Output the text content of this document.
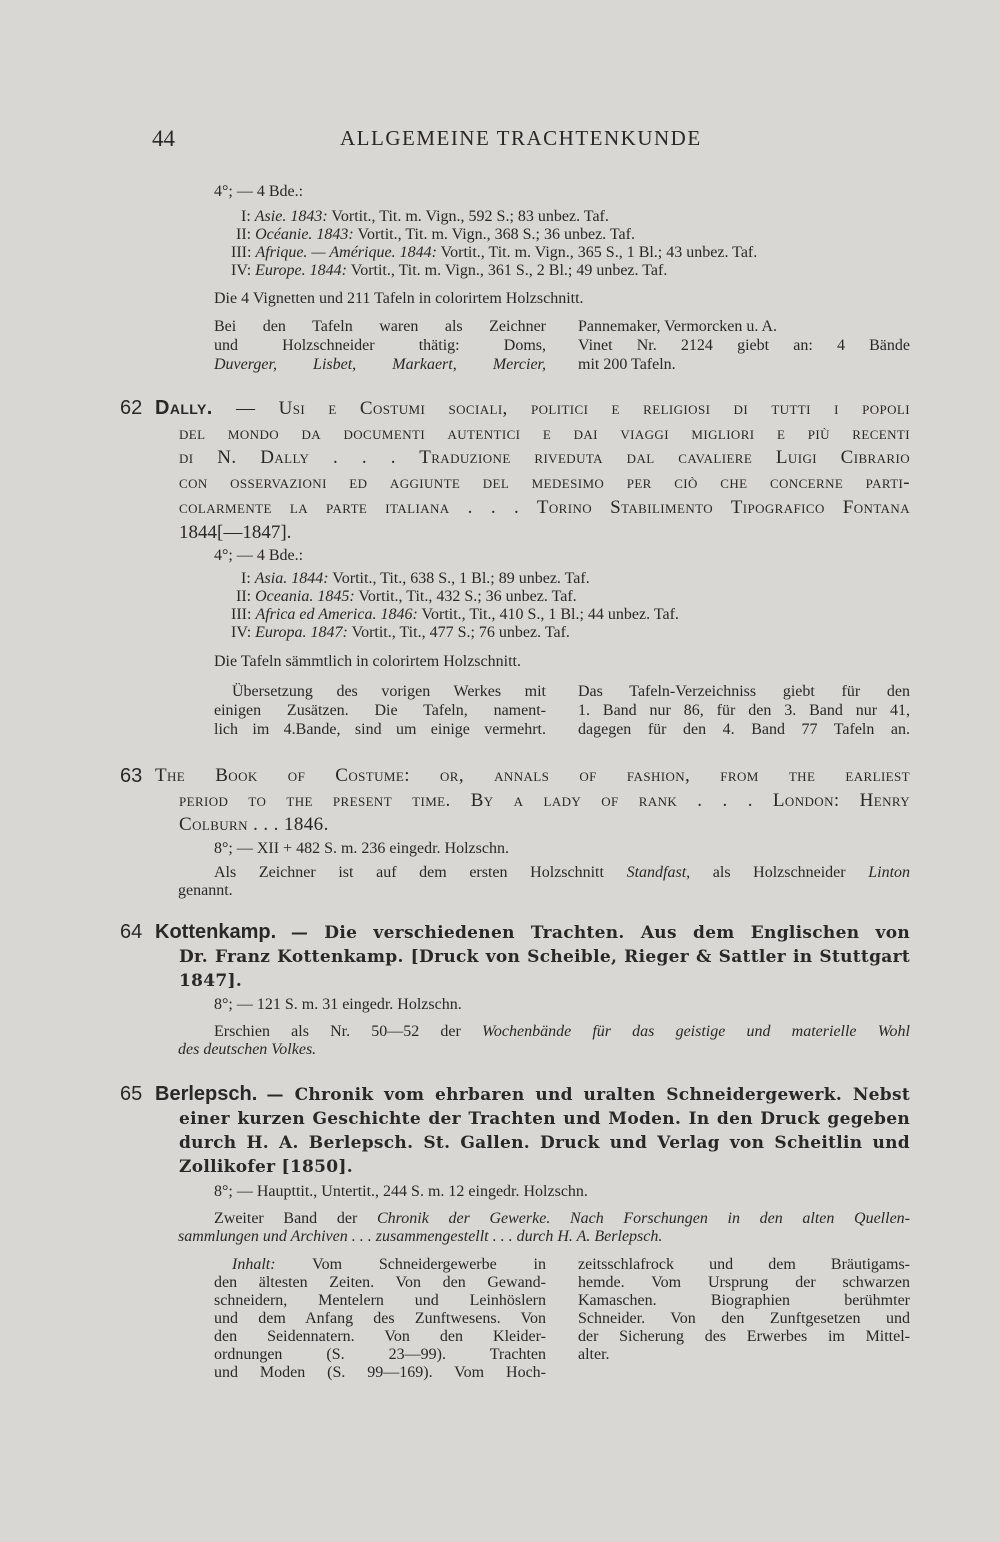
44	ALLGEMEINE TRACHTENKUNDE
4°; — 4 Bde.:
I: Asie. 1843: Vortit., Tit. m. Vign., 592 S.; 83 unbez. Taf.
II: Océanie. 1843: Vortit., Tit. m. Vign., 368 S.; 36 unbez. Taf.
III: Afrique. — Amérique. 1844: Vortit., Tit. m. Vign., 365 S., 1 Bl.; 43 unbez. Taf.
IV: Europe. 1844: Vortit., Tit. m. Vign., 361 S., 2 Bl.; 49 unbez. Taf.
Die 4 Vignetten und 211 Tafeln in colorirtem Holzschnitt.
Bei den Tafeln waren als Zeichner
und Holzschneider thätig: Doms,
Duverger, Lisbet, Markaert, Mercier,
Pannemaker, Vermorcken u. A.
Vinet Nr. 2124 giebt an: 4 Bände
mit 200 Tafeln.
62 Dally. — Usi e Costumi sociali, politici e religiosi di tutti i popoli
del mondo da documenti autentici e dai viaggi migliori e più recenti
di N. Dally . . . Traduzione riveduta dal cavaliere Luigi Cibrario
con osservazioni ed aggiunte del medesimo per ciò che concerne parti-
colarmente la parte italiana . . . Torino Stabilimento Tipografico Fontana
1844[—1847].
4°; — 4 Bde.:
I: Asia. 1844: Vortit., Tit., 638 S., 1 Bl.; 89 unbez. Taf.
II: Oceania. 1845: Vortit., Tit., 432 S.; 36 unbez. Taf.
III: Africa ed America. 1846: Vortit., Tit., 410 S., 1 Bl.; 44 unbez. Taf.
IV: Europa. 1847: Vortit., Tit., 477 S.; 76 unbez. Taf.
Die Tafeln sämmtlich in colorirtem Holzschnitt.
Übersetzung des vorigen Werkes mit
einigen Zusätzen. Die Tafeln, nament-
lich im 4.Bande, sind um einige vermehrt.
Das Tafeln-Verzeichniss giebt für den
1. Band nur 86, für den 3. Band nur 41,
dagegen für den 4. Band 77 Tafeln an.
63 The Book of Costume: or, annals of fashion, from the earliest
period to the present time. By a lady of rank . . . London: Henry
Colburn . . . 1846.
8°; — XII + 482 S. m. 236 eingedr. Holzschn.
Als Zeichner ist auf dem ersten Holzschnitt Standfast, als Holzschneider Linton
genannt.
64 Kottenkamp. — Die verschiedenen Trachten. Aus dem Englischen von
Dr. Franz Kottenkamp. [Druck von Scheible, Rieger & Sattler in Stuttgart
1847].
8°; — 121 S. m. 31 eingedr. Holzschn.
Erschien als Nr. 50—52 der Wochenbände für das geistige und materielle Wohl
des deutschen Volkes.
65 Berlepsch. — Chronik vom ehrbaren und uralten Schneidergewerk. Nebst
einer kurzen Geschichte der Trachten und Moden. In den Druck gegeben
durch H. A. Berlepsch. St. Gallen. Druck und Verlag von Scheitlin und
Zollikofer [1850].
8°; — Haupttit., Untertit., 244 S. m. 12 eingedr. Holzschn.
Zweiter Band der Chronik der Gewerke. Nach Forschungen in den alten Quellen-
sammlungen und Archiven . . . zusammengestellt . . . durch H. A. Berlepsch.
Inhalt: Vom Schneidergewerbe in
den ältesten Zeiten. Von den Gewand-
schneidern, Mentelern und Leinhöslern
und dem Anfang des Zunftwesens. Von
den Seidennatern. Von den Kleider-
ordnungen (S. 23—99). Trachten
und Moden (S. 99—169). Vom Hoch-
zeitsschlafrock und dem Bräutigams-
hemde. Vom Ursprung der schwarzen
Kamaschen. Biographien berühmter
Schneider. Von den Zunftgesetzen und
der Sicherung des Erwerbes im Mittel-
alter.
